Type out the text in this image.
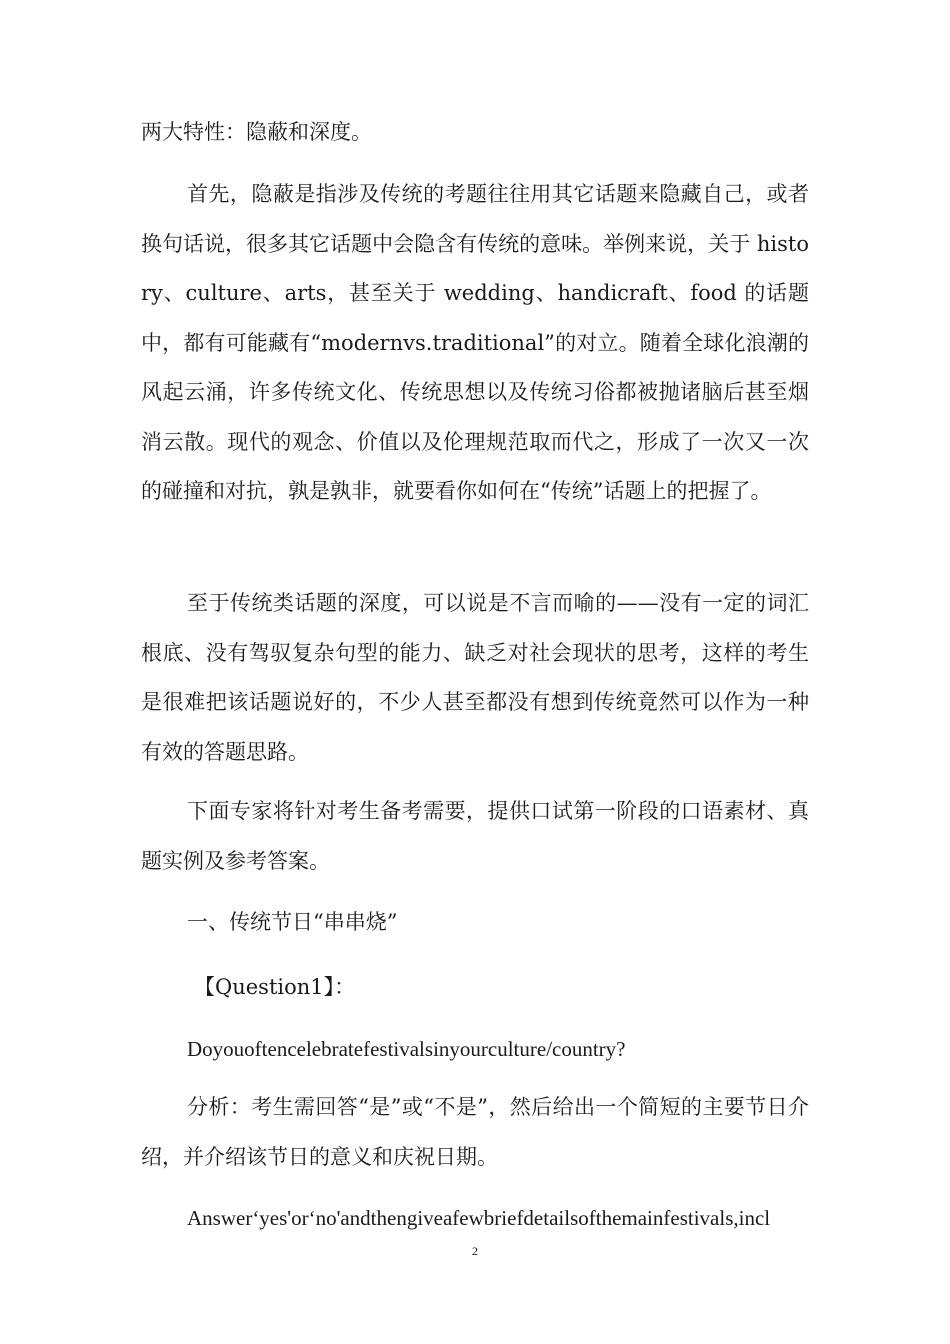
两大特性：隐蔽和深度。

首先，隐蔽是指涉及传统的考题往往用其它话题来隐藏自己，或者换句话说，很多其它话题中会隐含有传统的意味。举例来说，关于 history、culture、arts，甚至关于 wedding、handicraft、food 的话题中，都有可能藏有“modernvs.traditional”的对立。随着全球化浪潮的风起云涌，许多传统文化、传统思想以及传统习俗都被抛诸脑后甚至烟消云散。现代的观念、价值以及伦理规范取而代之，形成了一次又一次的碰撞和对抗，孰是孰非，就要看你如何在“传统”话题上的把握了。

至于传统类话题的深度，可以说是不言而喻的——没有一定的词汇根底、没有驾驭复杂句型的能力、缺乏对社会现状的思考，这样的考生是很难把该话题说好的，不少人甚至都没有想到传统竟然可以作为一种有效的答题思路。

下面专家将针对考生备考需要，提供口试第一阶段的口语素材、真题实例及参考答案。

一、传统节日“串串烧”

【Question1】：

Doyouoftencelebratefestivalsinyourculture/country?

分析：考生需回答“是”或“不是”，然后给出一个简短的主要节日介绍，并介绍该节日的意义和庆祝日期。

Answer‘yes'or‘no'andthengiveafewbriefdetailsofthemainfestivals,incl

2
